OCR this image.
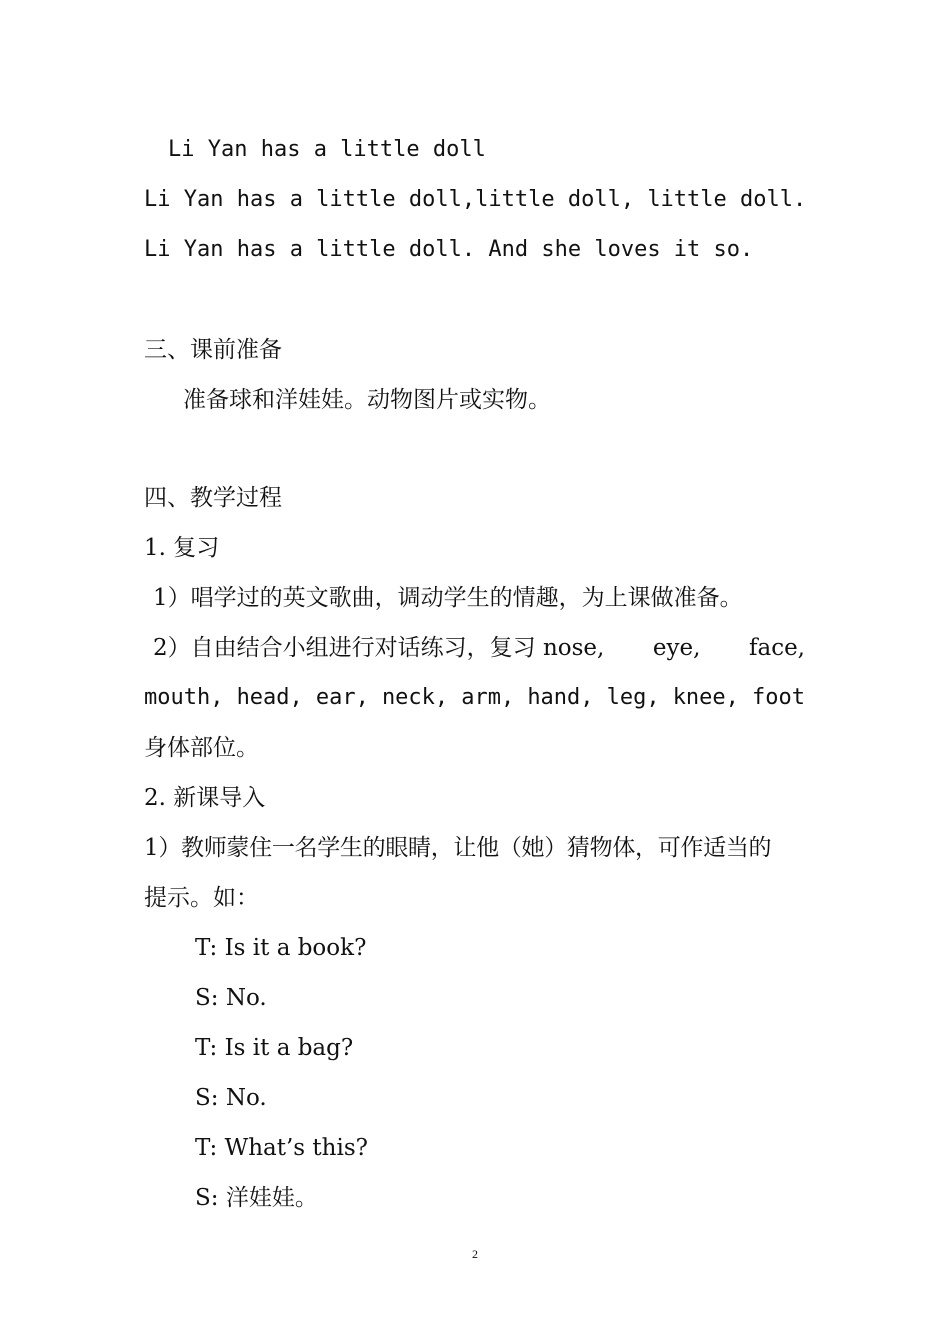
Li Yan has a little doll
Li Yan has a little doll,little doll, little doll.
Li Yan has a little doll. And she loves it so.
三、课前准备
准备球和洋娃娃。动物图片或实物。
四、教学过程
1. 复习
1）唱学过的英文歌曲，调动学生的情趣，为上课做准备。
2）自由结合小组进行对话练习，复习 nose, eye, face,
mouth, head, ear, neck, arm, hand, leg, knee, foot
身体部位。
2. 新课导入
1）教师蒙住一名学生的眼睛，让他（她）猜物体，可作适当的
提示。如：
T: Is it a book?
S: No.
T: Is it a bag?
S: No.
T: What’s this?
S: 洋娃娃。
2
